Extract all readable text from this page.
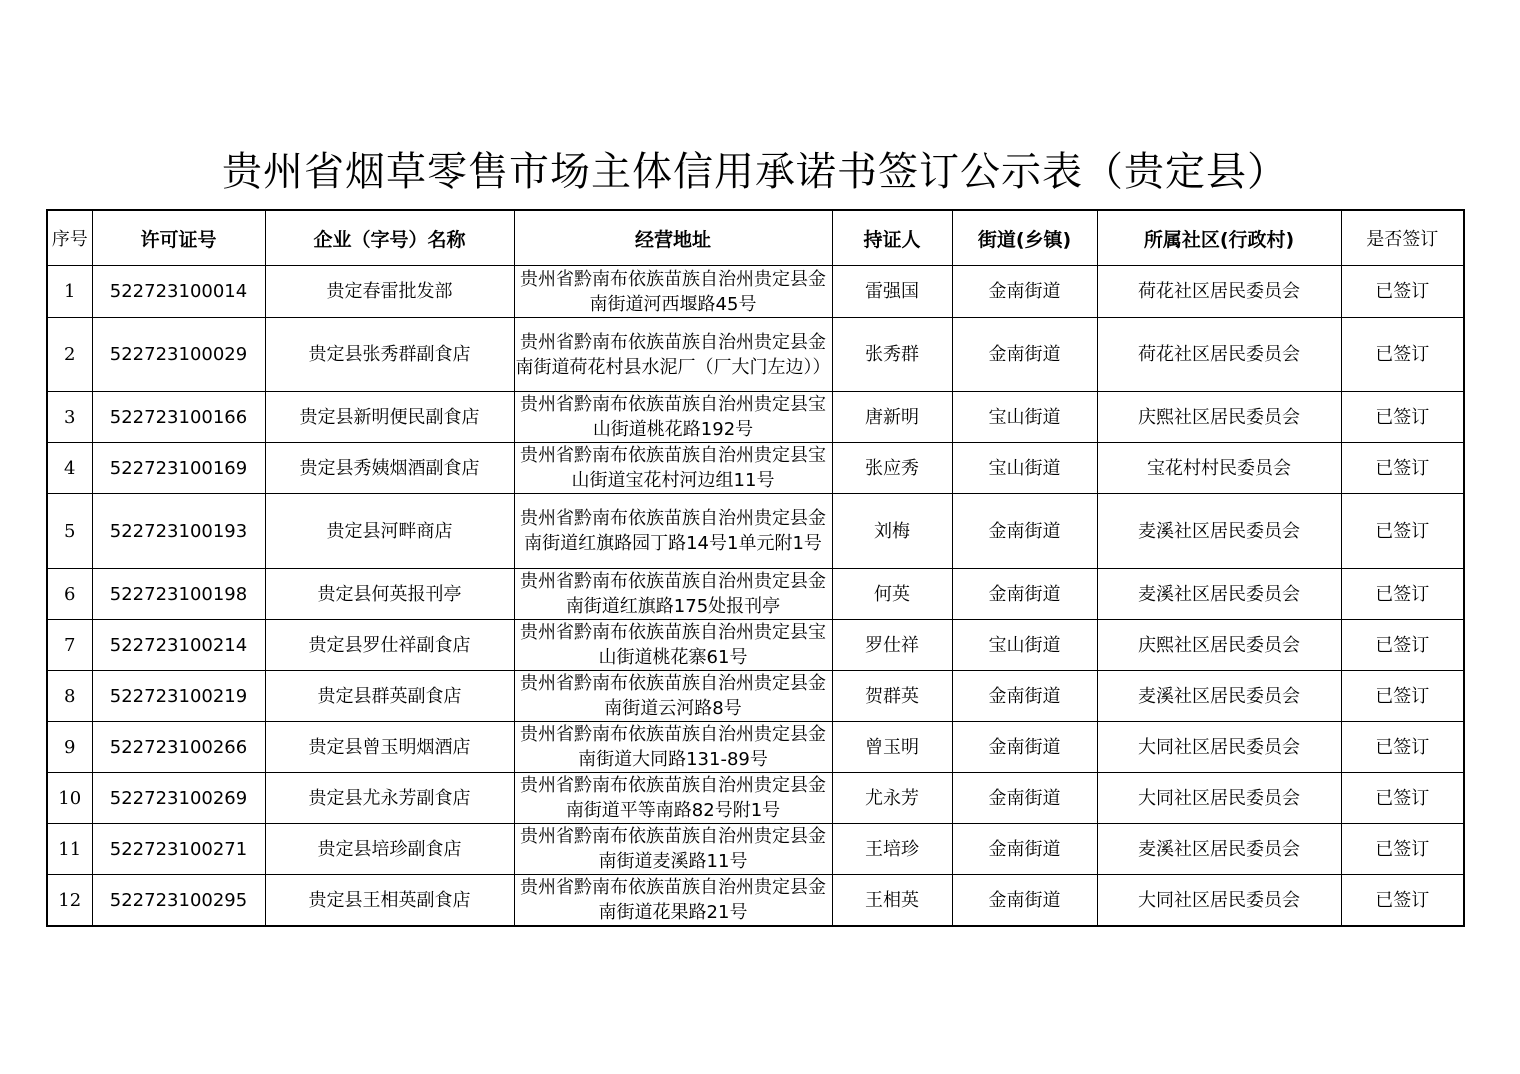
贵州省烟草零售市场主体信用承诺书签订公示表（贵定县）
序号	许可证号	企业（字号）名称	经营地址	持证人	街道(乡镇)	所属社区(行政村)	是否签订
1	522723100014	贵定春雷批发部	贵州省黔南布依族苗族自治州贵定县金南街道河西堰路45号	雷强国	金南街道	荷花社区居民委员会	已签订
2	522723100029	贵定县张秀群副食店	贵州省黔南布依族苗族自治州贵定县金南街道荷花村县水泥厂（厂大门左边））	张秀群	金南街道	荷花社区居民委员会	已签订
3	522723100166	贵定县新明便民副食店	贵州省黔南布依族苗族自治州贵定县宝山街道桃花路192号	唐新明	宝山街道	庆熙社区居民委员会	已签订
4	522723100169	贵定县秀姨烟酒副食店	贵州省黔南布依族苗族自治州贵定县宝山街道宝花村河边组11号	张应秀	宝山街道	宝花村村民委员会	已签订
5	522723100193	贵定县河畔商店	贵州省黔南布依族苗族自治州贵定县金南街道红旗路园丁路14号1单元附1号	刘梅	金南街道	麦溪社区居民委员会	已签订
6	522723100198	贵定县何英报刊亭	贵州省黔南布依族苗族自治州贵定县金南街道红旗路175处报刊亭	何英	金南街道	麦溪社区居民委员会	已签订
7	522723100214	贵定县罗仕祥副食店	贵州省黔南布依族苗族自治州贵定县宝山街道桃花寨61号	罗仕祥	宝山街道	庆熙社区居民委员会	已签订
8	522723100219	贵定县群英副食店	贵州省黔南布依族苗族自治州贵定县金南街道云河路8号	贺群英	金南街道	麦溪社区居民委员会	已签订
9	522723100266	贵定县曾玉明烟酒店	贵州省黔南布依族苗族自治州贵定县金南街道大同路131-89号	曾玉明	金南街道	大同社区居民委员会	已签订
10	522723100269	贵定县尤永芳副食店	贵州省黔南布依族苗族自治州贵定县金南街道平等南路82号附1号	尤永芳	金南街道	大同社区居民委员会	已签订
11	522723100271	贵定县培珍副食店	贵州省黔南布依族苗族自治州贵定县金南街道麦溪路11号	王培珍	金南街道	麦溪社区居民委员会	已签订
12	522723100295	贵定县王相英副食店	贵州省黔南布依族苗族自治州贵定县金南街道花果路21号	王相英	金南街道	大同社区居民委员会	已签订
